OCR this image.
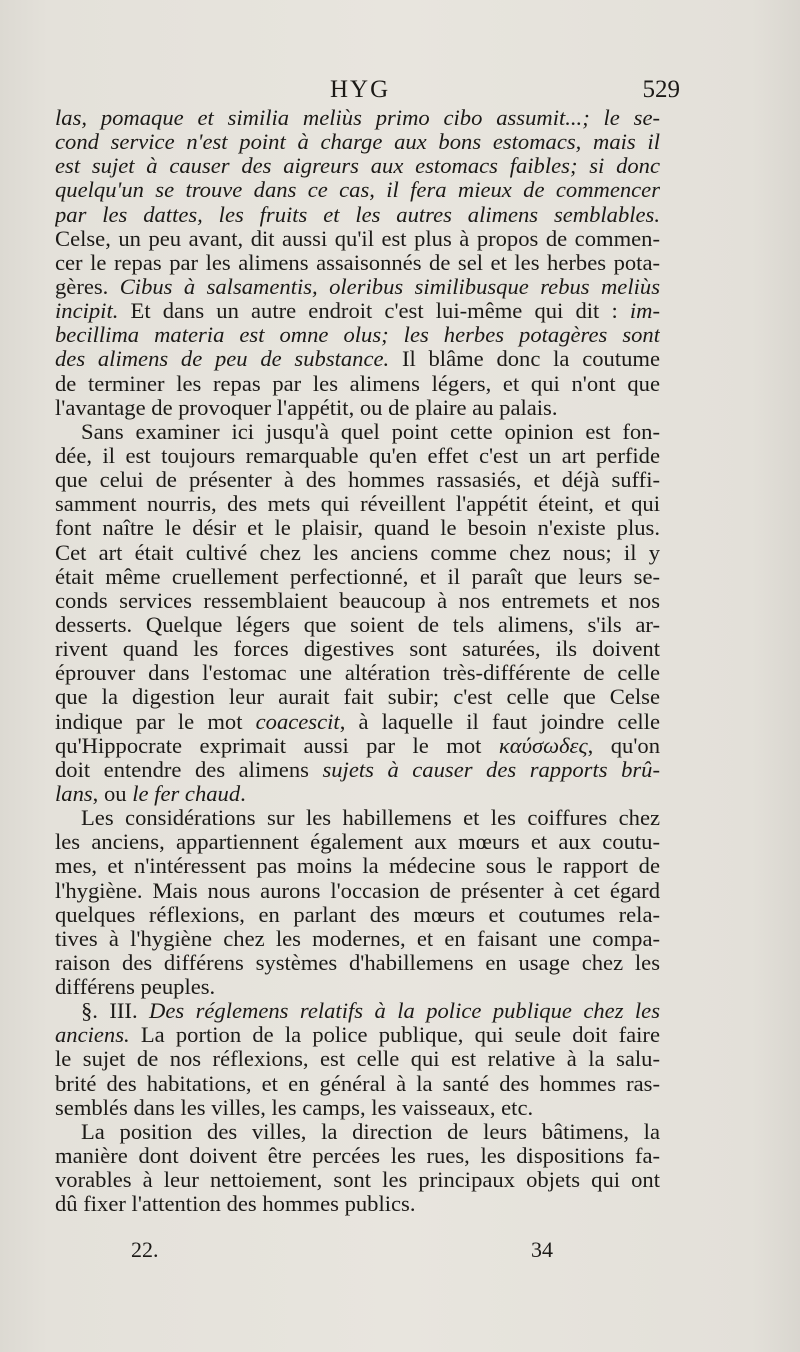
HYG	529
las, pomaque et similia meliùs primo cibo assumit...; le se-
cond service n'est point à charge aux bons estomacs, mais il
est sujet à causer des aigreurs aux estomacs faibles; si donc
quelqu'un se trouve dans ce cas, il fera mieux de commencer
par les dattes, les fruits et les autres alimens semblables.
Celse, un peu avant, dit aussi qu'il est plus à propos de commen-
cer le repas par les alimens assaisonnés de sel et les herbes pota-
gères. Cibus à salsamentis, oleribus similibusque rebus meliùs
incipit. Et dans un autre endroit c'est lui-même qui dit : im-
becillima materia est omne olus; les herbes potagères sont
des alimens de peu de substance. Il blâme donc la coutume
de terminer les repas par les alimens légers, et qui n'ont que
l'avantage de provoquer l'appétit, ou de plaire au palais.
Sans examiner ici jusqu'à quel point cette opinion est fon-
dée, il est toujours remarquable qu'en effet c'est un art perfide
que celui de présenter à des hommes rassasiés, et déjà suffi-
samment nourris, des mets qui réveillent l'appétit éteint, et qui
font naître le désir et le plaisir, quand le besoin n'existe plus.
Cet art était cultivé chez les anciens comme chez nous; il y
était même cruellement perfectionné, et il paraît que leurs se-
conds services ressemblaient beaucoup à nos entremets et nos
desserts. Quelque légers que soient de tels alimens, s'ils ar-
rivent quand les forces digestives sont saturées, ils doivent
éprouver dans l'estomac une altération très-différente de celle
que la digestion leur aurait fait subir; c'est celle que Celse
indique par le mot coacescit, à laquelle il faut joindre celle
qu'Hippocrate exprimait aussi par le mot καύσωδες, qu'on
doit entendre des alimens sujets à causer des rapports brû-
lans, ou le fer chaud.
Les considérations sur les habillemens et les coiffures chez
les anciens, appartiennent également aux mœurs et aux coutu-
mes, et n'intéressent pas moins la médecine sous le rapport de
l'hygiène. Mais nous aurons l'occasion de présenter à cet égard
quelques réflexions, en parlant des mœurs et coutumes rela-
tives à l'hygiène chez les modernes, et en faisant une compa-
raison des différens systèmes d'habillemens en usage chez les
différens peuples.
§. III. Des réglemens relatifs à la police publique chez les
anciens. La portion de la police publique, qui seule doit faire
le sujet de nos réflexions, est celle qui est relative à la salu-
brité des habitations, et en général à la santé des hommes ras-
semblés dans les villes, les camps, les vaisseaux, etc.
La position des villes, la direction de leurs bâtimens, la
manière dont doivent être percées les rues, les dispositions fa-
vorables à leur nettoiement, sont les principaux objets qui ont
dû fixer l'attention des hommes publics.
22.	34
